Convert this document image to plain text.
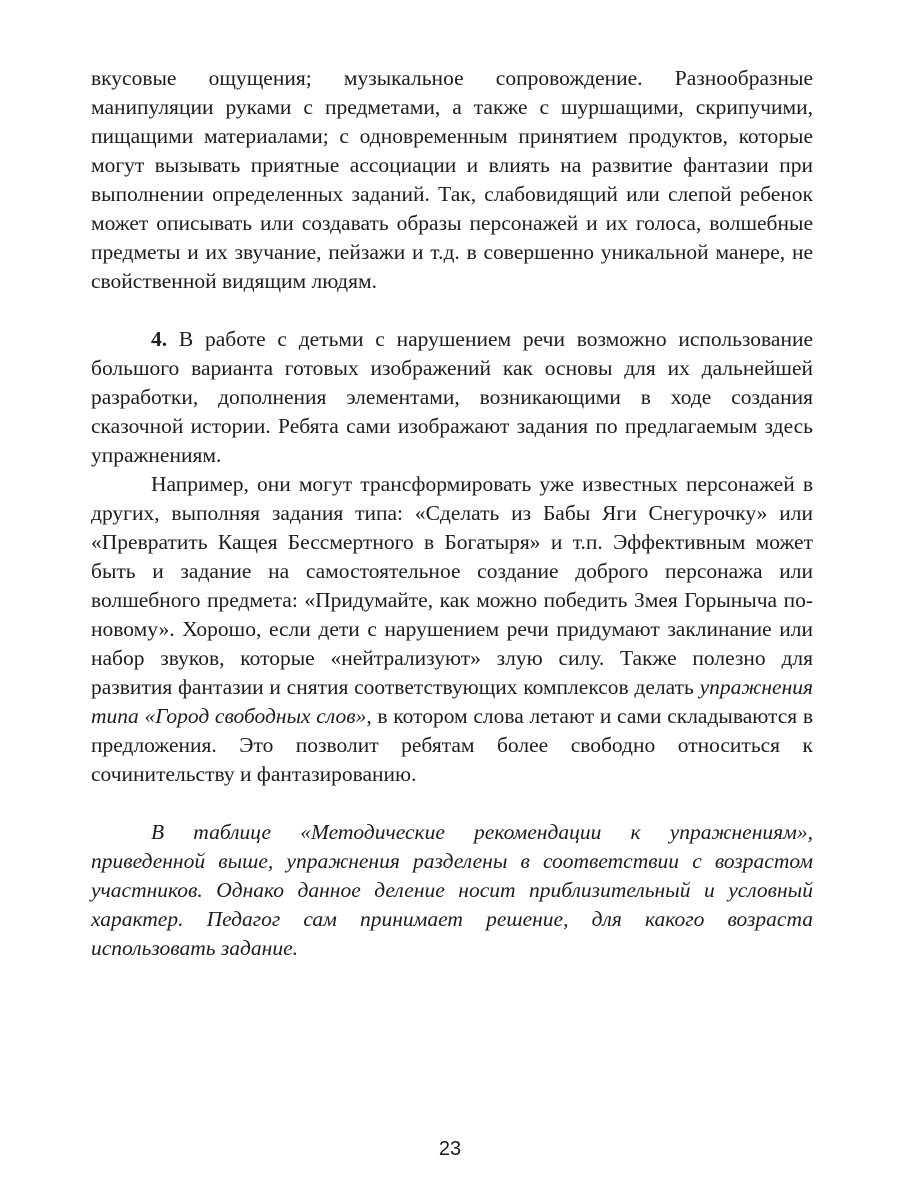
вкусовые ощущения; музыкальное сопровождение. Разнообразные манипуляции руками с предметами, а также с шуршащими, скрипучими, пищащими материалами; с одновременным принятием продуктов, которые могут вызывать приятные ассоциации и влиять на развитие фантазии при выполнении определенных заданий. Так, слабовидящий или слепой ребенок может описывать или создавать образы персонажей и их голоса, волшебные предметы и их звучание, пейзажи и т.д. в совершенно уникальной манере, не свойственной видящим людям.

4. В работе с детьми с нарушением речи возможно использование большого варианта готовых изображений как основы для их дальнейшей разработки, дополнения элементами, возникающими в ходе создания сказочной истории. Ребята сами изображают задания по предлагаемым здесь упражнениям.

Например, они могут трансформировать уже известных персонажей в других, выполняя задания типа: «Сделать из Бабы Яги Снегурочку» или «Превратить Кащея Бессмертного в Богатыря» и т.п. Эффективным может быть и задание на самостоятельное создание доброго персонажа или волшебного предмета: «Придумайте, как можно победить Змея Горыныча по-новому». Хорошо, если дети с нарушением речи придумают заклинание или набор звуков, которые «нейтрализуют» злую силу. Также полезно для развития фантазии и снятия соответствующих комплексов делать упражнения типа «Город свободных слов», в котором слова летают и сами складываются в предложения. Это позволит ребятам более свободно относиться к сочинительству и фантазированию.

В таблице «Методические рекомендации к упражнениям», приведенной выше, упражнения разделены в соответствии с возрастом участников. Однако данное деление носит приблизительный и условный характер. Педагог сам принимает решение, для какого возраста использовать задание.

23
